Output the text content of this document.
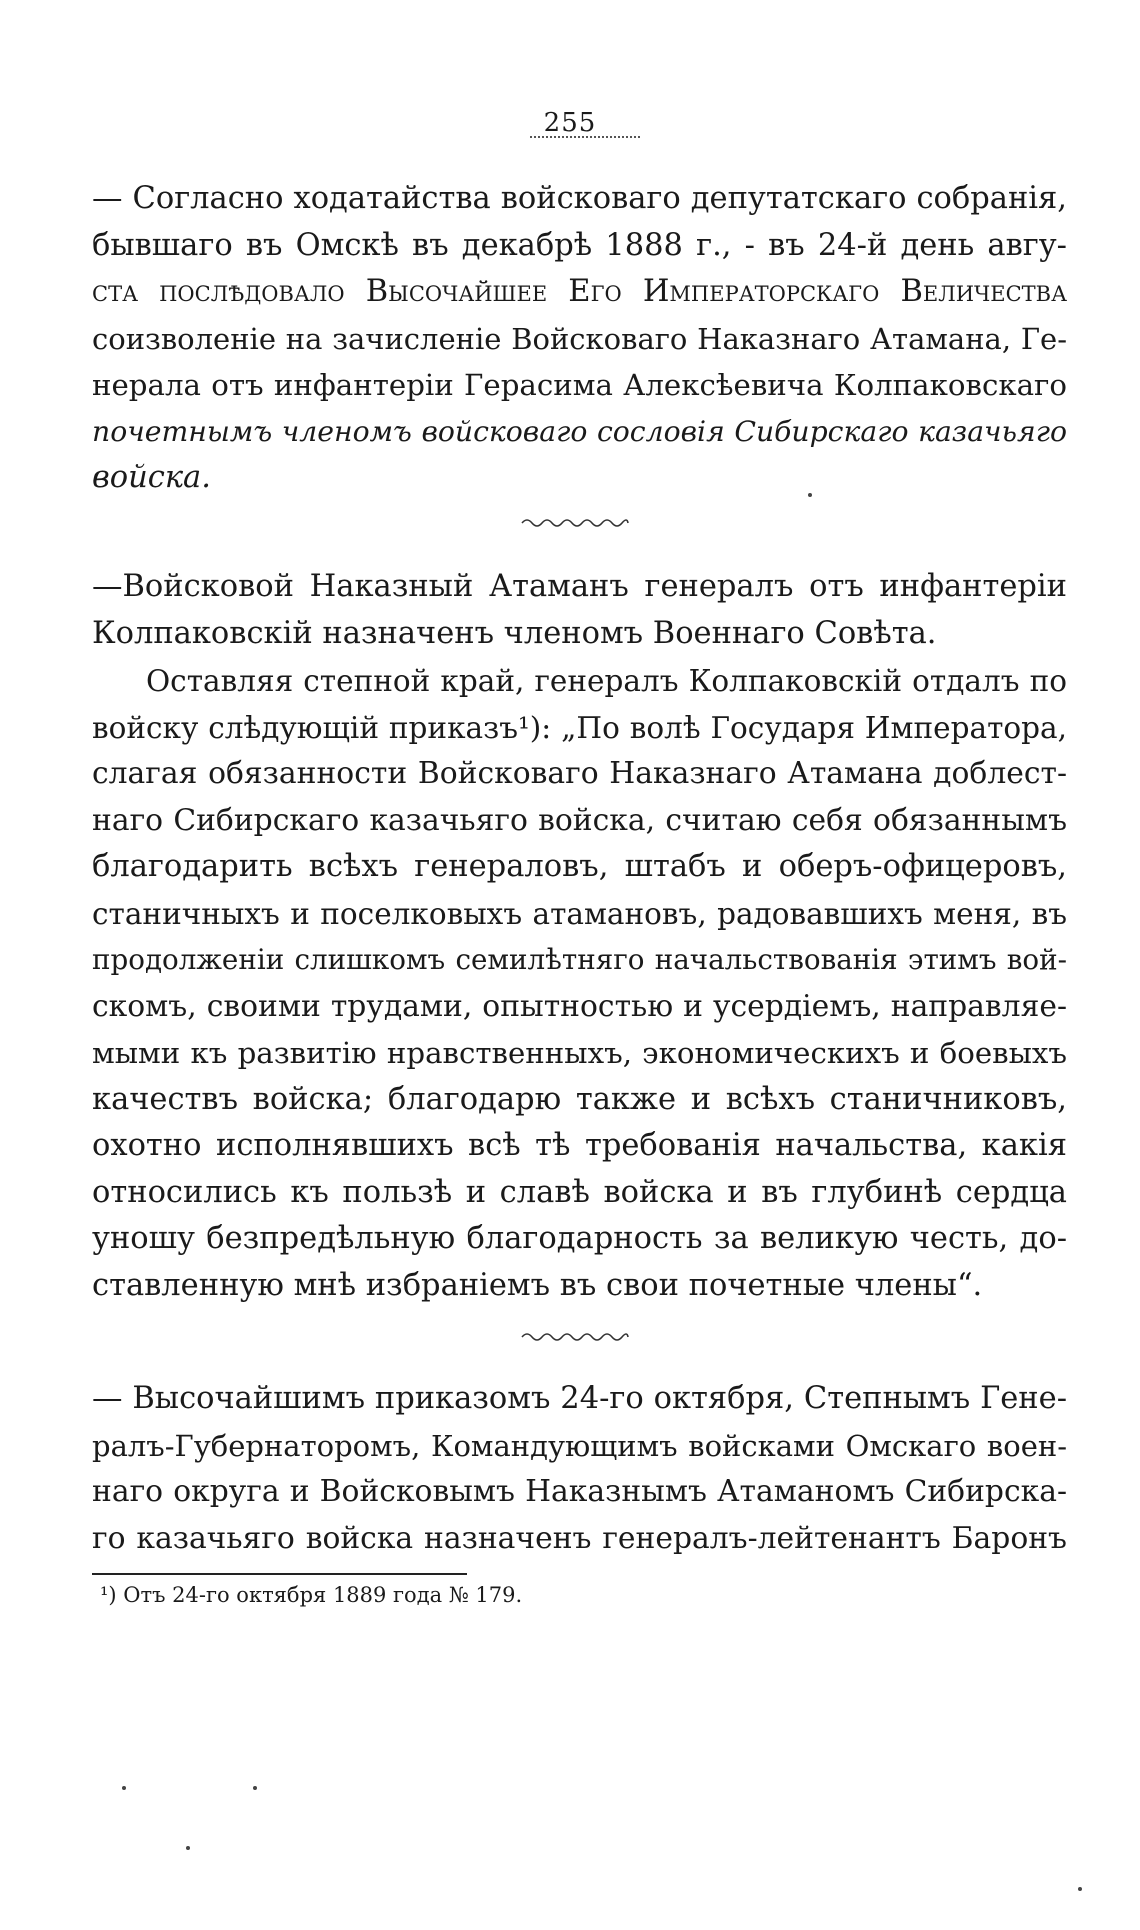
255
— Согласно ходатайства войсковаго депутатскаго собранія,
бывшаго въ Омскѣ въ декабрѣ 1888 г., - въ 24-й день авгу-
ста послѣдовало Высочайшее Его Императорскаго Величества
соизволеніе на зачисленіе Войсковаго Наказнаго Атамана, Ге-
нерала отъ инфантеріи Герасима Алексѣевича Колпаковскаго
почетнымъ членомъ войсковаго сословія Сибирскаго казачьяго
войска.
—Войсковой Наказный Атаманъ генералъ отъ инфантеріи
Колпаковскій назначенъ членомъ Военнаго Совѣта.
Оставляя степной край, генералъ Колпаковскій отдалъ по
войску слѣдующій приказъ¹): „По волѣ Государя Императора,
слагая обязанности Войсковаго Наказнаго Атамана доблест-
наго Сибирскаго казачьяго войска, считаю себя обязаннымъ
благодарить всѣхъ генераловъ, штабъ и оберъ-офицеровъ,
станичныхъ и поселковыхъ атамановъ, радовавшихъ меня, въ
продолженіи слишкомъ семилѣтняго начальствованія этимъ вой-
скомъ, своими трудами, опытностью и усердіемъ, направляе-
мыми къ развитію нравственныхъ, экономическихъ и боевыхъ
качествъ войска; благодарю также и всѣхъ станичниковъ,
охотно исполнявшихъ всѣ тѣ требованія начальства, какія
относились къ пользѣ и славѣ войска и въ глубинѣ сердца
уношу безпредѣльную благодарность за великую честь, до-
ставленную мнѣ избраніемъ въ свои почетные члены“.
— Высочайшимъ приказомъ 24-го октября, Степнымъ Гене-
ралъ-Губернаторомъ, Командующимъ войсками Омскаго воен-
наго округа и Войсковымъ Наказнымъ Атаманомъ Сибирска-
го казачьяго войска назначенъ генералъ-лейтенантъ Баронъ
¹) Отъ 24-го октября 1889 года № 179.
